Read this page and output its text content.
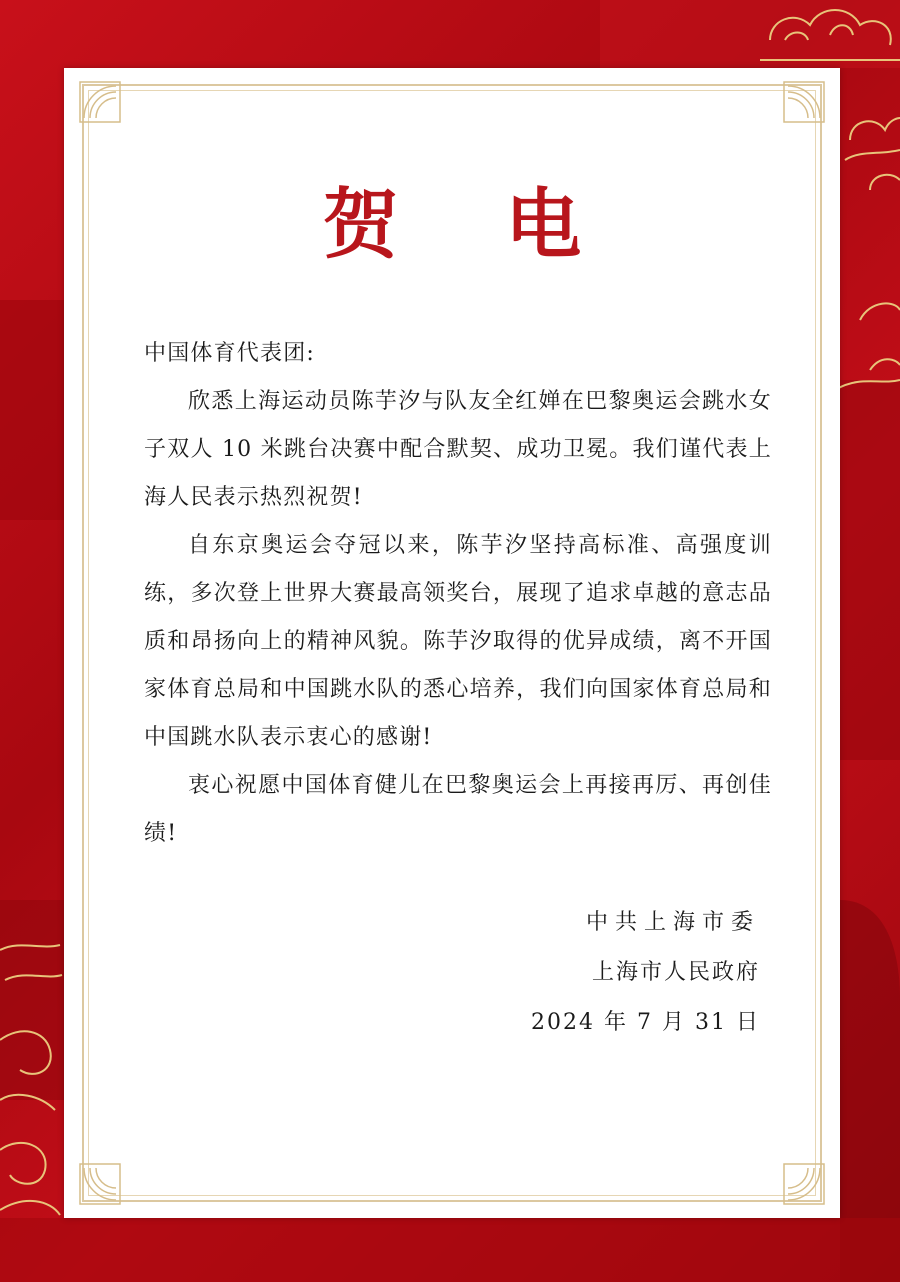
贺 电

中国体育代表团:

欣悉上海运动员陈芋汐与队友全红婵在巴黎奥运会跳水女子双人 10 米跳台决赛中配合默契、成功卫冕。我们谨代表上海人民表示热烈祝贺!

自东京奥运会夺冠以来，陈芋汐坚持高标准、高强度训练，多次登上世界大赛最高领奖台，展现了追求卓越的意志品质和昂扬向上的精神风貌。陈芋汐取得的优异成绩，离不开国家体育总局和中国跳水队的悉心培养，我们向国家体育总局和中国跳水队表示衷心的感谢!

衷心祝愿中国体育健儿在巴黎奥运会上再接再厉、再创佳绩!

中共上海市委
上海市人民政府
2024 年 7 月 31 日
